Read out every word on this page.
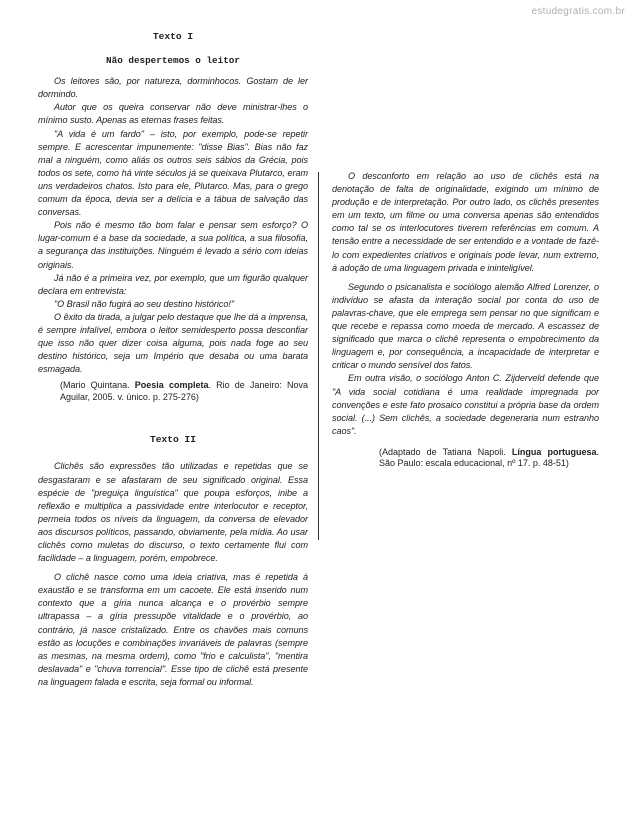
estudegratis.com.br

Texto I

Não despertemos o leitor

Os leitores são, por natureza, dorminhocos. Gostam de ler dormindo.

Autor que os queira conservar não deve ministrar-lhes o mínimo susto. Apenas as eternas frases feitas.

"A vida é um fardo" – isto, por exemplo, pode-se repetir sempre. E acrescentar impunemente: "disse Bias". Bias não faz mal a ninguém, como aliás os outros seis sábios da Grécia, pois todos os sete, como há vinte séculos já se queixava Plutarco, eram uns verdadeiros chatos. Isto para ele, Plutarco. Mas, para o grego comum da época, devia ser a delícia e a tábua de salvação das conversas.

Pois não é mesmo tão bom falar e pensar sem esforço? O lugar-comum é a base da sociedade, a sua política, a sua filosofia, a segurança das instituições. Ninguém é levado a sério com ideias originais.

Já não é a primeira vez, por exemplo, que um figurão qualquer declara em entrevista:

"O Brasil não fugirá ao seu destino histórico!"

O êxito da tirada, a julgar pelo destaque que lhe dá a imprensa, é sempre infalível, embora o leitor semidesperto possa desconfiar que isso não quer dizer coisa alguma, pois nada foge ao seu destino histórico, seja um Império que desaba ou uma barata esmagada.

(Mario Quintana. Poesia completa. Rio de Janeiro: Nova Aguilar, 2005. v. único. p. 275-276)

Texto II

Clichês são expressões tão utilizadas e repetidas que se desgastaram e se afastaram de seu significado original. Essa espécie de "preguiça linguística" que poupa esforços, inibe a reflexão e multiplica a passividade entre interlocutor e receptor, permeia todos os níveis da linguagem, da conversa de elevador aos discursos políticos, passando, obviamente, pela mídia. Ao usar clichês como muletas do discurso, o texto certamente flui com facilidade – a linguagem, porém, empobrece.

O clichê nasce como uma ideia criativa, mas é repetida à exaustão e se transforma em um cacoete. Ele está inserido num contexto que a gíria nunca alcança e o provérbio sempre ultrapassa – a gíria pressupõe vitalidade e o provérbio, ao contrário, já nasce cristalizado. Entre os chavões mais comuns estão as locuções e combinações invariáveis de palavras (sempre as mesmas, na mesma ordem), como "frio e calculista", "mentira deslavada" e "chuva torrencial". Esse tipo de clichê está presente na linguagem falada e escrita, seja formal ou informal.

O desconforto em relação ao uso de clichês está na denotação de falta de originalidade, exigindo um mínimo de produção e de interpretação. Por outro lado, os clichês presentes em um texto, um filme ou uma conversa apenas são entendidos como tal se os interlocutores tiverem referências em comum. A tensão entre a necessidade de ser entendido e a vontade de fazê-lo com expedientes criativos e originais pode levar, num extremo, à adoção de uma linguagem privada e ininteligível.

Segundo o psicanalista e sociólogo alemão Alfred Lorenzer, o indivíduo se afasta da interação social por conta do uso de palavras-chave, que ele emprega sem pensar no que significam e que recebe e repassa como moeda de mercado. A escassez de significado que marca o clichê representa o empobrecimento da linguagem e, por consequência, a incapacidade de interpretar e criticar o mundo sensível dos fatos.

Em outra visão, o sociólogo Anton C. Zijderveld defende que "A vida social cotidiana é uma realidade impregnada por convenções e este fato prosaico constitui a própria base da ordem social. (...) Sem clichês, a sociedade degeneraria num estranho caos".

(Adaptado de Tatiana Napoli. Língua portuguesa. São Paulo: escala educacional, nº 17. p. 48-51)
